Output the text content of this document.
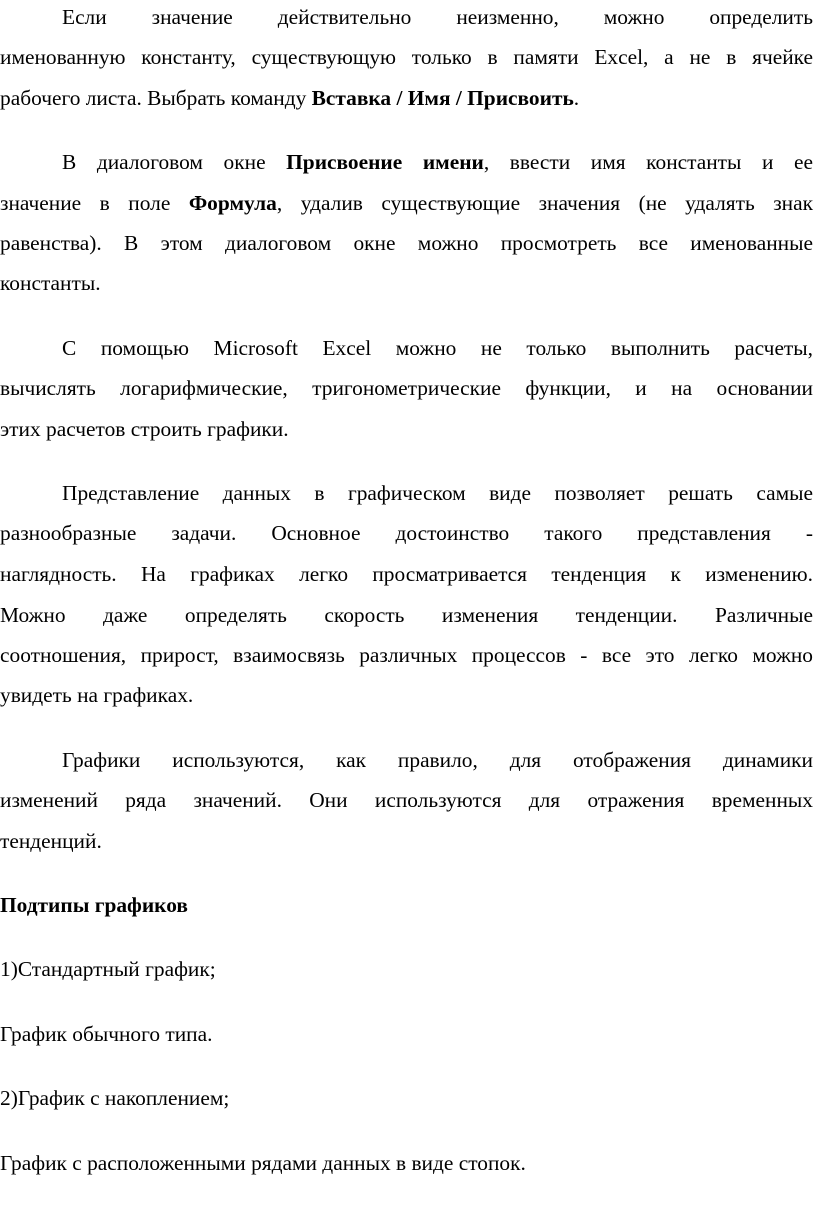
Если значение действительно неизменно, можно определить
именованную константу, существующую только в памяти Excel, а не в ячейке
рабочего листа. Выбрать команду Вставка / Имя / Присвоить.
В диалоговом окне Присвоение имени, ввести имя константы и ее
значение в поле Формула, удалив существующие значения (не удалять знак
равенства). В этом диалоговом окне можно просмотреть все именованные
константы.
С помощью Microsoft Excel можно не только выполнить расчеты,
вычислять логарифмические, тригонометрические функции, и на основании
этих расчетов строить графики.
Представление данных в графическом виде позволяет решать самые
разнообразные задачи. Основное достоинство такого представления -
наглядность. На графиках легко просматривается тенденция к изменению.
Можно даже определять скорость изменения тенденции. Различные
соотношения, прирост, взаимосвязь различных процессов - все это легко можно
увидеть на графиках.
Графики используются, как правило, для отображения динамики
изменений ряда значений. Они используются для отражения временных
тенденций.
Подтипы графиков
1)Стандартный график;
График обычного типа.
2)График с накоплением;
График с расположенными рядами данных в виде стопок.
